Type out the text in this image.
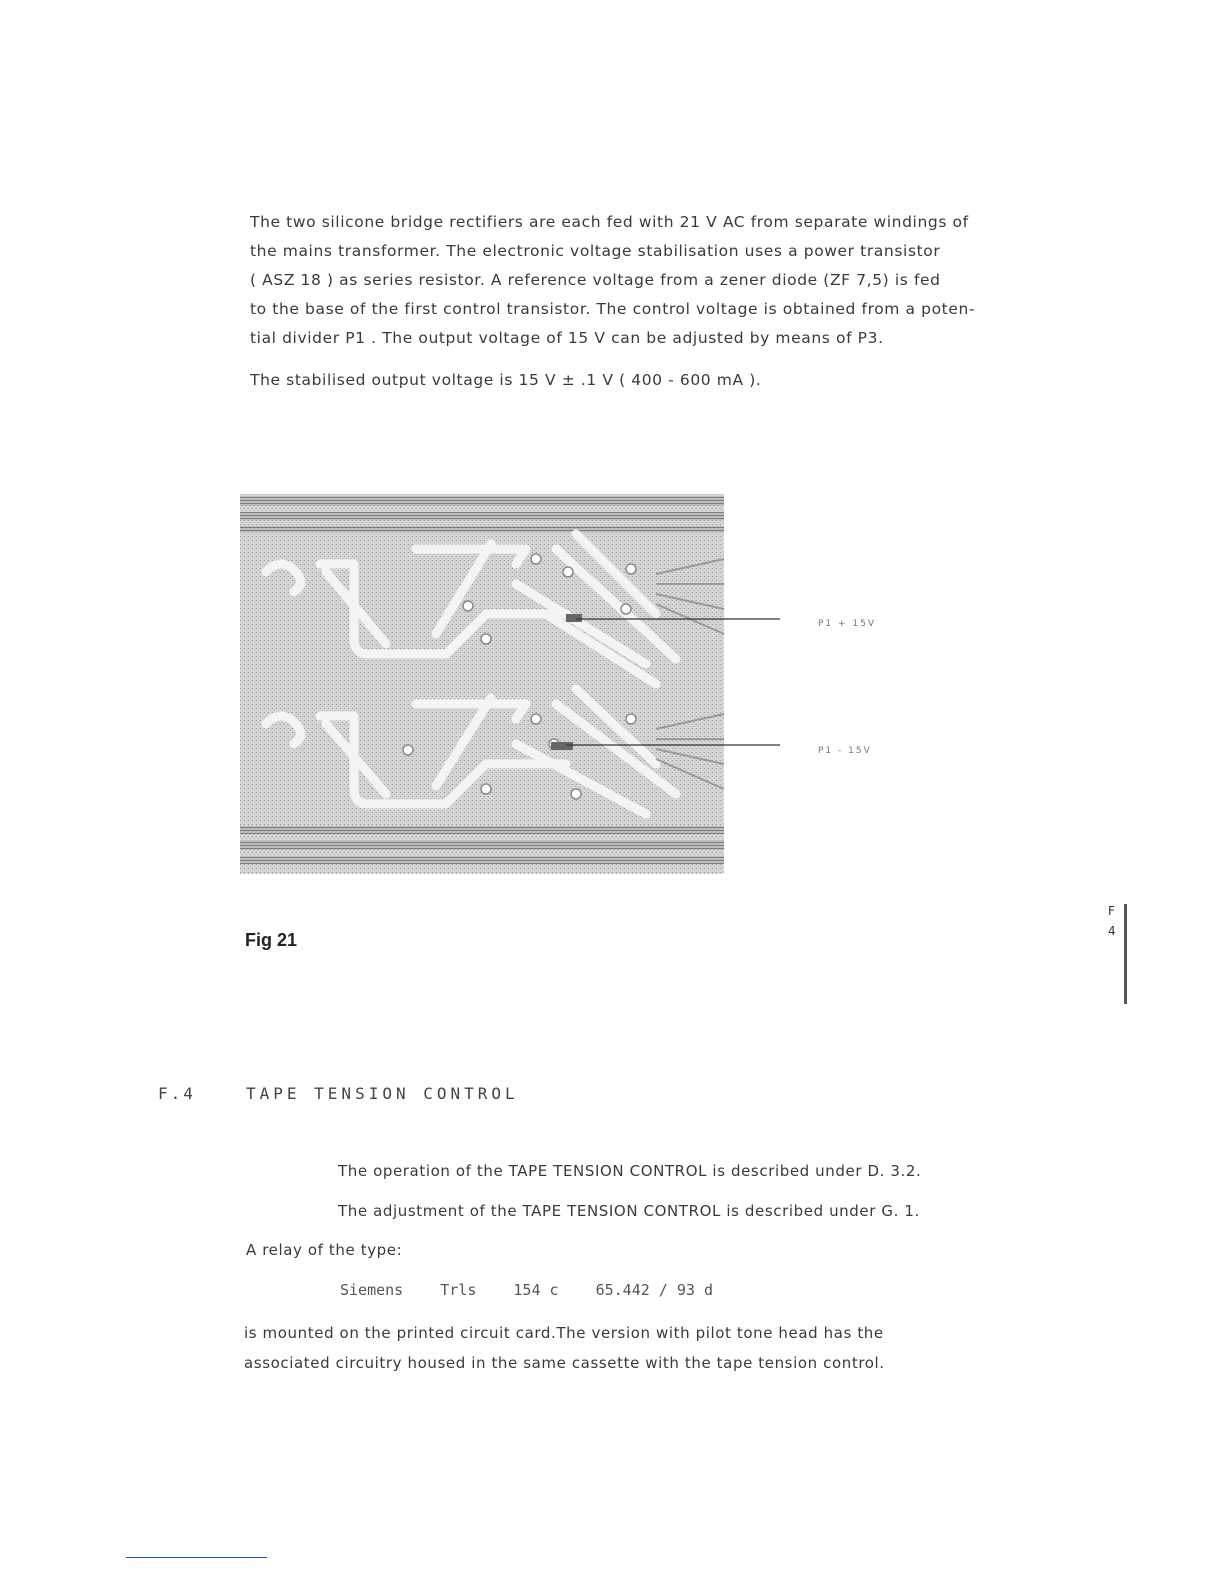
The two silicone bridge rectifiers are each fed with 21 V AC from separate windings of
the mains transformer. The electronic voltage stabilisation uses a power transistor
( ASZ 18 ) as series resistor. A reference voltage from a zener diode (ZF 7,5) is fed
to the base of the first control transistor. The control voltage is obtained from a poten-
tial divider P1 . The output voltage of 15 V can be adjusted by means of P3.

The stabilised output voltage is 15 V ± .1 V ( 400 - 600 mA ).

P1 + 15V
P1 - 15V
Fig 21
F
4
F.4	TAPE TENSION CONTROL

The operation of the TAPE TENSION CONTROL is described under D. 3.2.

The adjustment of the TAPE TENSION CONTROL is described under G. 1.

A relay of the type:

Siemens Trls 154 c 65.442 / 93 d

is mounted on the printed circuit card.The version with pilot tone head has the

associated circuitry housed in the same cassette with the tape tension control.
